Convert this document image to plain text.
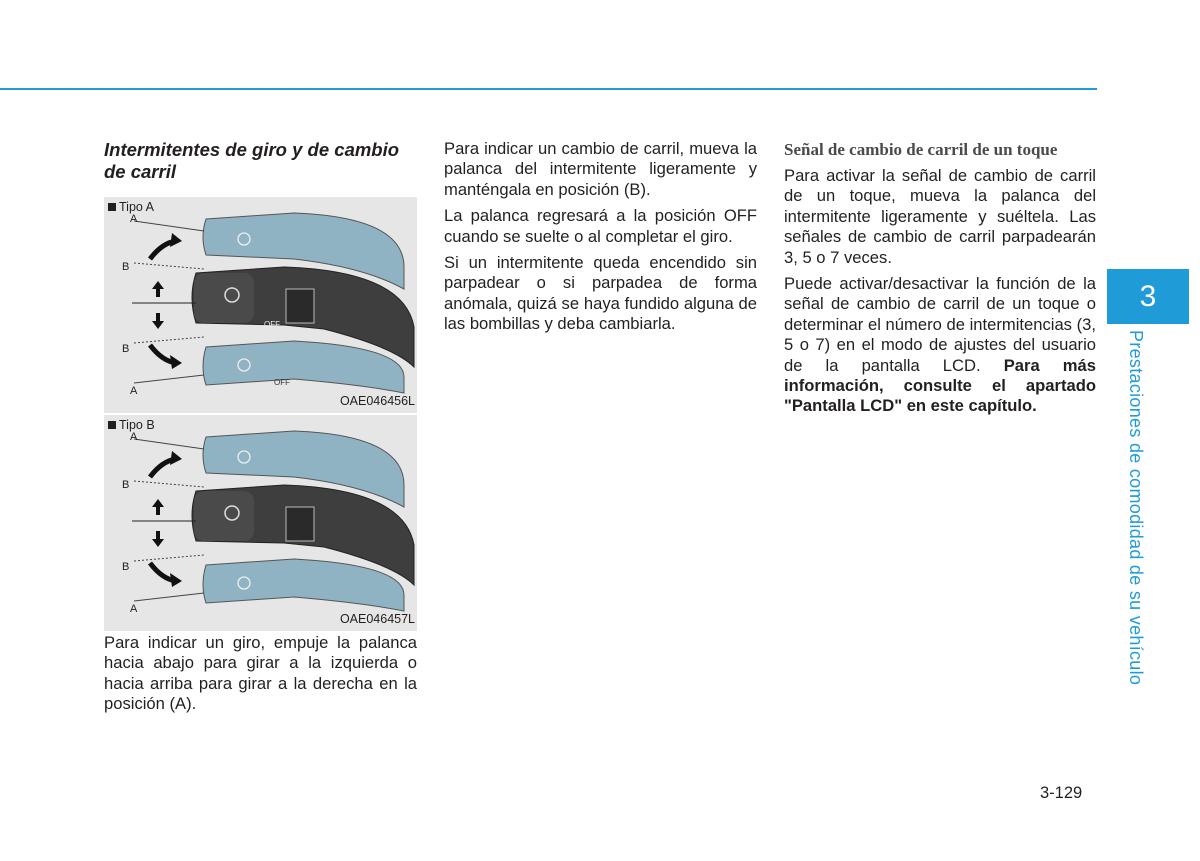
3
Prestaciones de comodidad de su vehículo
Intermitentes de giro y de cambio de carril
Tipo A
A
B
B
A
OFF
OFF
OAE046456L
Tipo B
A
B
B
A
OAE046457L

Para indicar un giro, empuje la palanca hacia abajo para girar a la izquierda o hacia arriba para girar a la derecha en la posición (A).

Para indicar un cambio de carril, mueva la palanca del intermitente ligeramente y manténgala en posición (B).

La palanca regresará a la posición OFF cuando se suelte o al completar el giro.

Si un intermitente queda encendido sin parpadear o si parpadea de forma anómala, quizá se haya fundido alguna de las bombillas y deba cambiarla.

Señal de cambio de carril de un toque

Para activar la señal de cambio de carril de un toque, mueva la palanca del intermitente ligeramente y suéltela. Las señales de cambio de carril parpadearán 3, 5 o 7 veces.

Puede activar/desactivar la función de la señal de cambio de carril de un toque o determinar el número de intermitencias (3, 5 o 7) en el modo de ajustes del usuario de la pantalla LCD. Para más información, consulte el apartado "Pantalla LCD" en este capítulo.

3-129
